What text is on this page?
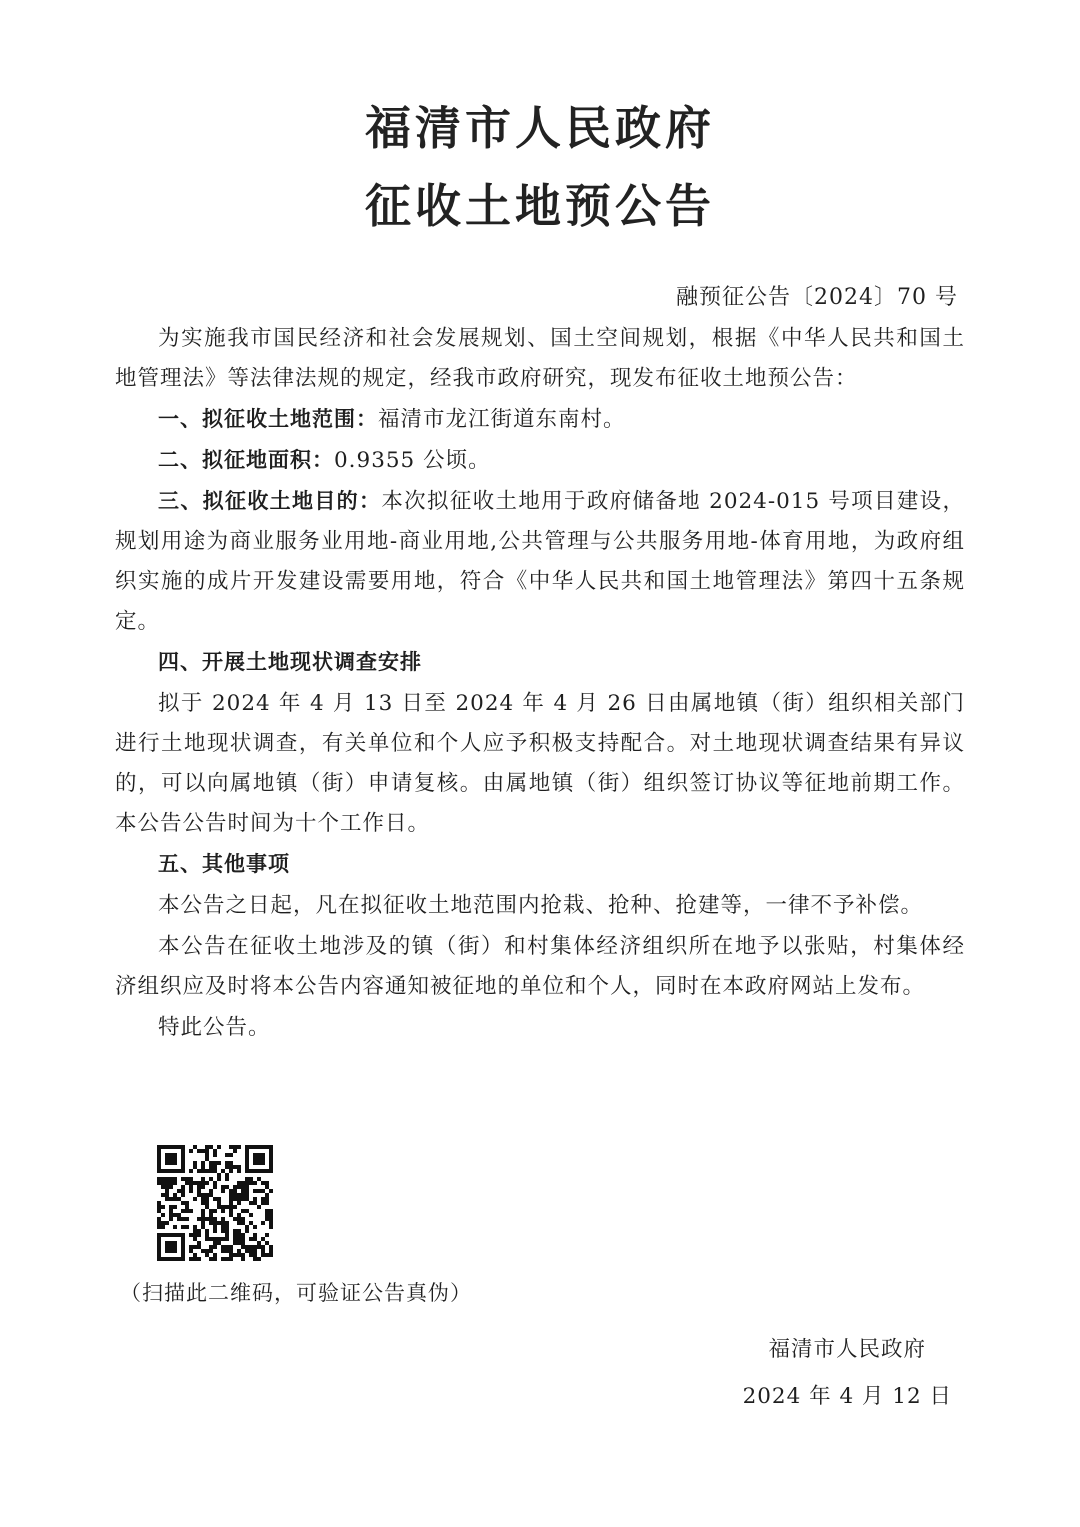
福清市人民政府
征收土地预公告
融预征公告〔2024〕70 号

为实施我市国民经济和社会发展规划、国土空间规划，根据《中华人民共和国土地管理法》等法律法规的规定，经我市政府研究，现发布征收土地预公告：

一、拟征收土地范围：福清市龙江街道东南村。

二、拟征地面积：0.9355 公顷。

三、拟征收土地目的：本次拟征收土地用于政府储备地 2024-015 号项目建设，规划用途为商业服务业用地-商业用地,公共管理与公共服务用地-体育用地，为政府组织实施的成片开发建设需要用地，符合《中华人民共和国土地管理法》第四十五条规定。

四、开展土地现状调查安排

拟于 2024 年 4 月 13 日至 2024 年 4 月 26 日由属地镇（街）组织相关部门进行土地现状调查，有关单位和个人应予积极支持配合。对土地现状调查结果有异议的，可以向属地镇（街）申请复核。由属地镇（街）组织签订协议等征地前期工作。本公告公告时间为十个工作日。

五、其他事项

本公告之日起，凡在拟征收土地范围内抢栽、抢种、抢建等，一律不予补偿。

本公告在征收土地涉及的镇（街）和村集体经济组织所在地予以张贴，村集体经济组织应及时将本公告内容通知被征地的单位和个人，同时在本政府网站上发布。

特此公告。

（扫描此二维码，可验证公告真伪）
福清市人民政府
2024 年 4 月 12 日
